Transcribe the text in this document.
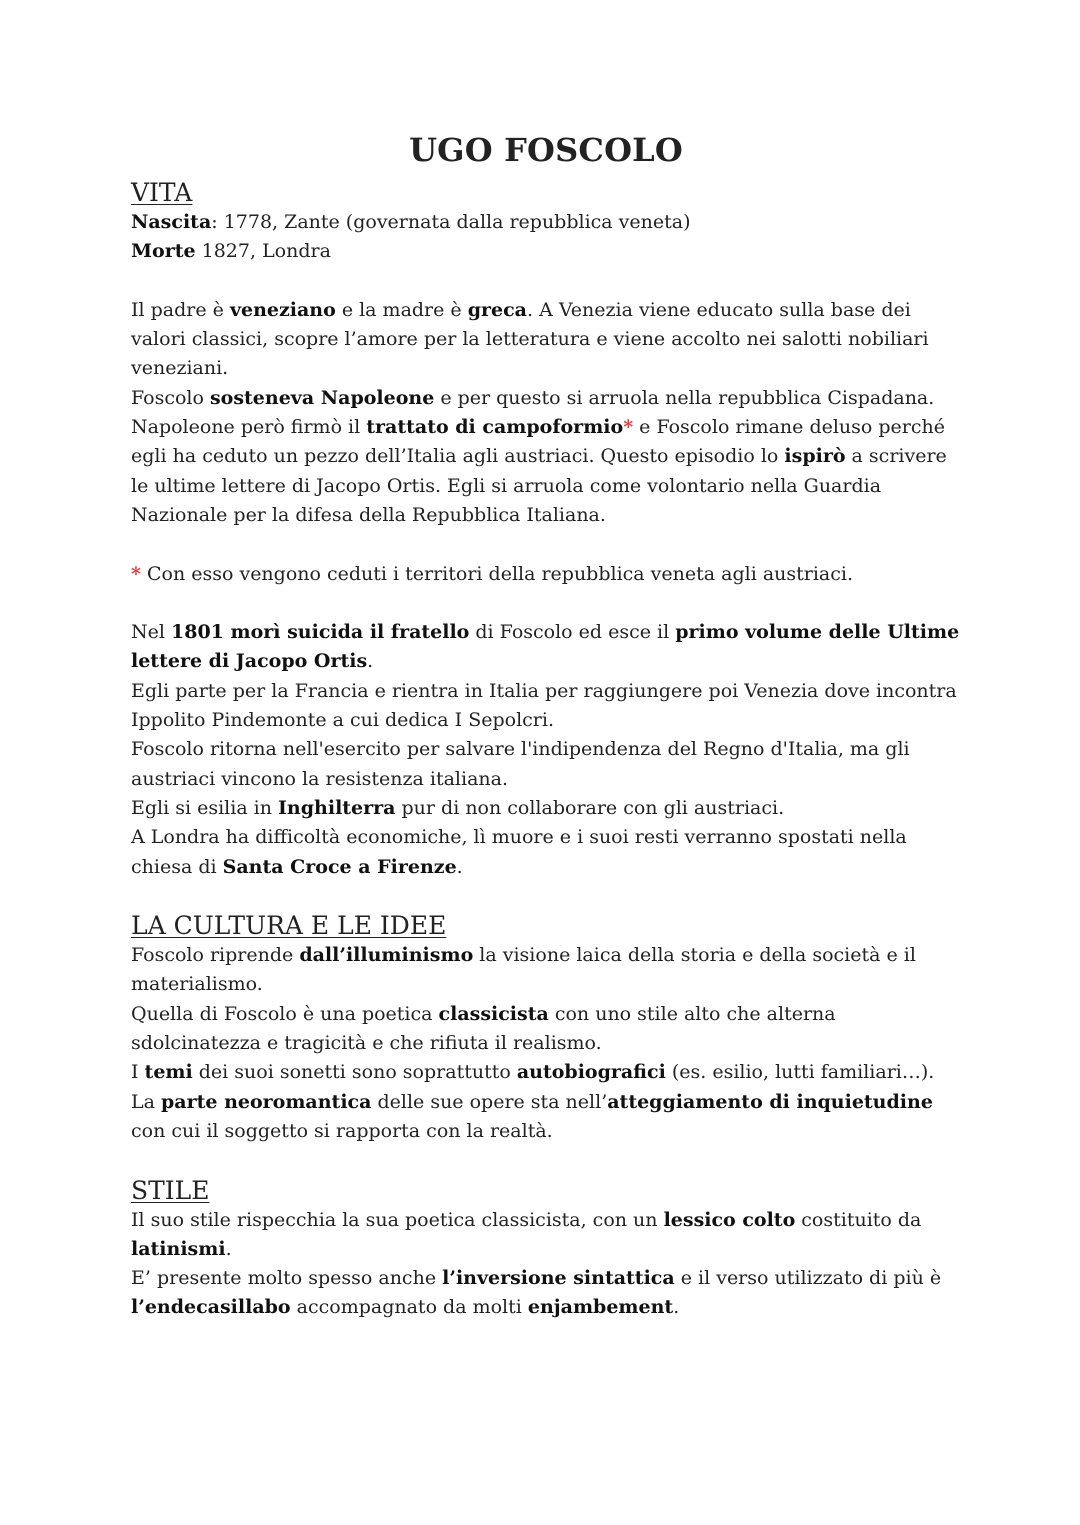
UGO FOSCOLO
VITA

Nascita: 1778, Zante (governata dalla repubblica veneta)

Morte 1827, Londra

Il padre è veneziano e la madre è greca. A Venezia viene educato sulla base dei valori classici, scopre l’amore per la letteratura e viene accolto nei salotti nobiliari veneziani.

Foscolo sosteneva Napoleone e per questo si arruola nella repubblica Cispadana.

Napoleone però firmò il trattato di campoformio* e Foscolo rimane deluso perché egli ha ceduto un pezzo dell’Italia agli austriaci. Questo episodio lo ispirò a scrivere le ultime lettere di Jacopo Ortis. Egli si arruola come volontario nella Guardia Nazionale per la difesa della Repubblica Italiana.

* Con esso vengono ceduti i territori della repubblica veneta agli austriaci.

Nel 1801 morì suicida il fratello di Foscolo ed esce il primo volume delle Ultime lettere di Jacopo Ortis.

Egli parte per la Francia e rientra in Italia per raggiungere poi Venezia dove incontra Ippolito Pindemonte a cui dedica I Sepolcri.

Foscolo ritorna nell'esercito per salvare l'indipendenza del Regno d'Italia, ma gli austriaci vincono la resistenza italiana.

Egli si esilia in Inghilterra pur di non collaborare con gli austriaci.

A Londra ha difficoltà economiche, lì muore e i suoi resti verranno spostati nella chiesa di Santa Croce a Firenze.

LA CULTURA E LE IDEE

Foscolo riprende dall’illuminismo la visione laica della storia e della società e il materialismo.

Quella di Foscolo è una poetica classicista con uno stile alto che alterna sdolcinatezza e tragicità e che rifiuta il realismo.

I temi dei suoi sonetti sono soprattutto autobiografici (es. esilio, lutti familiari…).

La parte neoromantica delle sue opere sta nell’atteggiamento di inquietudine con cui il soggetto si rapporta con la realtà.

STILE

Il suo stile rispecchia la sua poetica classicista, con un lessico colto costituito da latinismi.

E’ presente molto spesso anche l’inversione sintattica e il verso utilizzato di più è l’endecasillabo accompagnato da molti enjambement.
